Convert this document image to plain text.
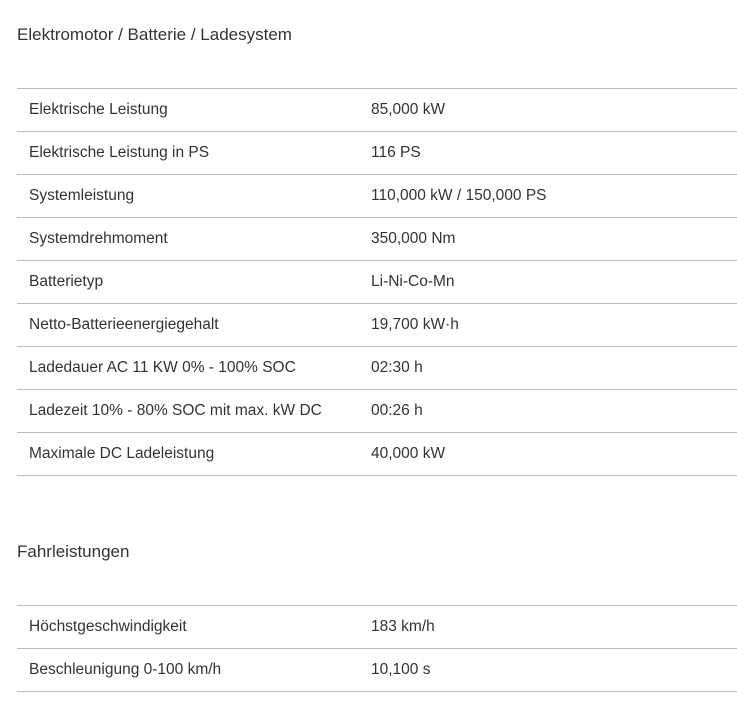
Elektromotor / Batterie / Ladesystem
Elektrische Leistung	85,000 kW
Elektrische Leistung in PS	116 PS
Systemleistung	110,000 kW / 150,000 PS
Systemdrehmoment	350,000 Nm
Batterietyp	Li-Ni-Co-Mn
Netto-Batterieenergiegehalt	19,700 kW·h
Ladedauer AC 11 KW 0% - 100% SOC	02:30 h
Ladezeit 10% - 80% SOC mit max. kW DC	00:26 h
Maximale DC Ladeleistung	40,000 kW
Fahrleistungen
Höchstgeschwindigkeit	183 km/h
Beschleunigung 0-100 km/h	10,100 s
